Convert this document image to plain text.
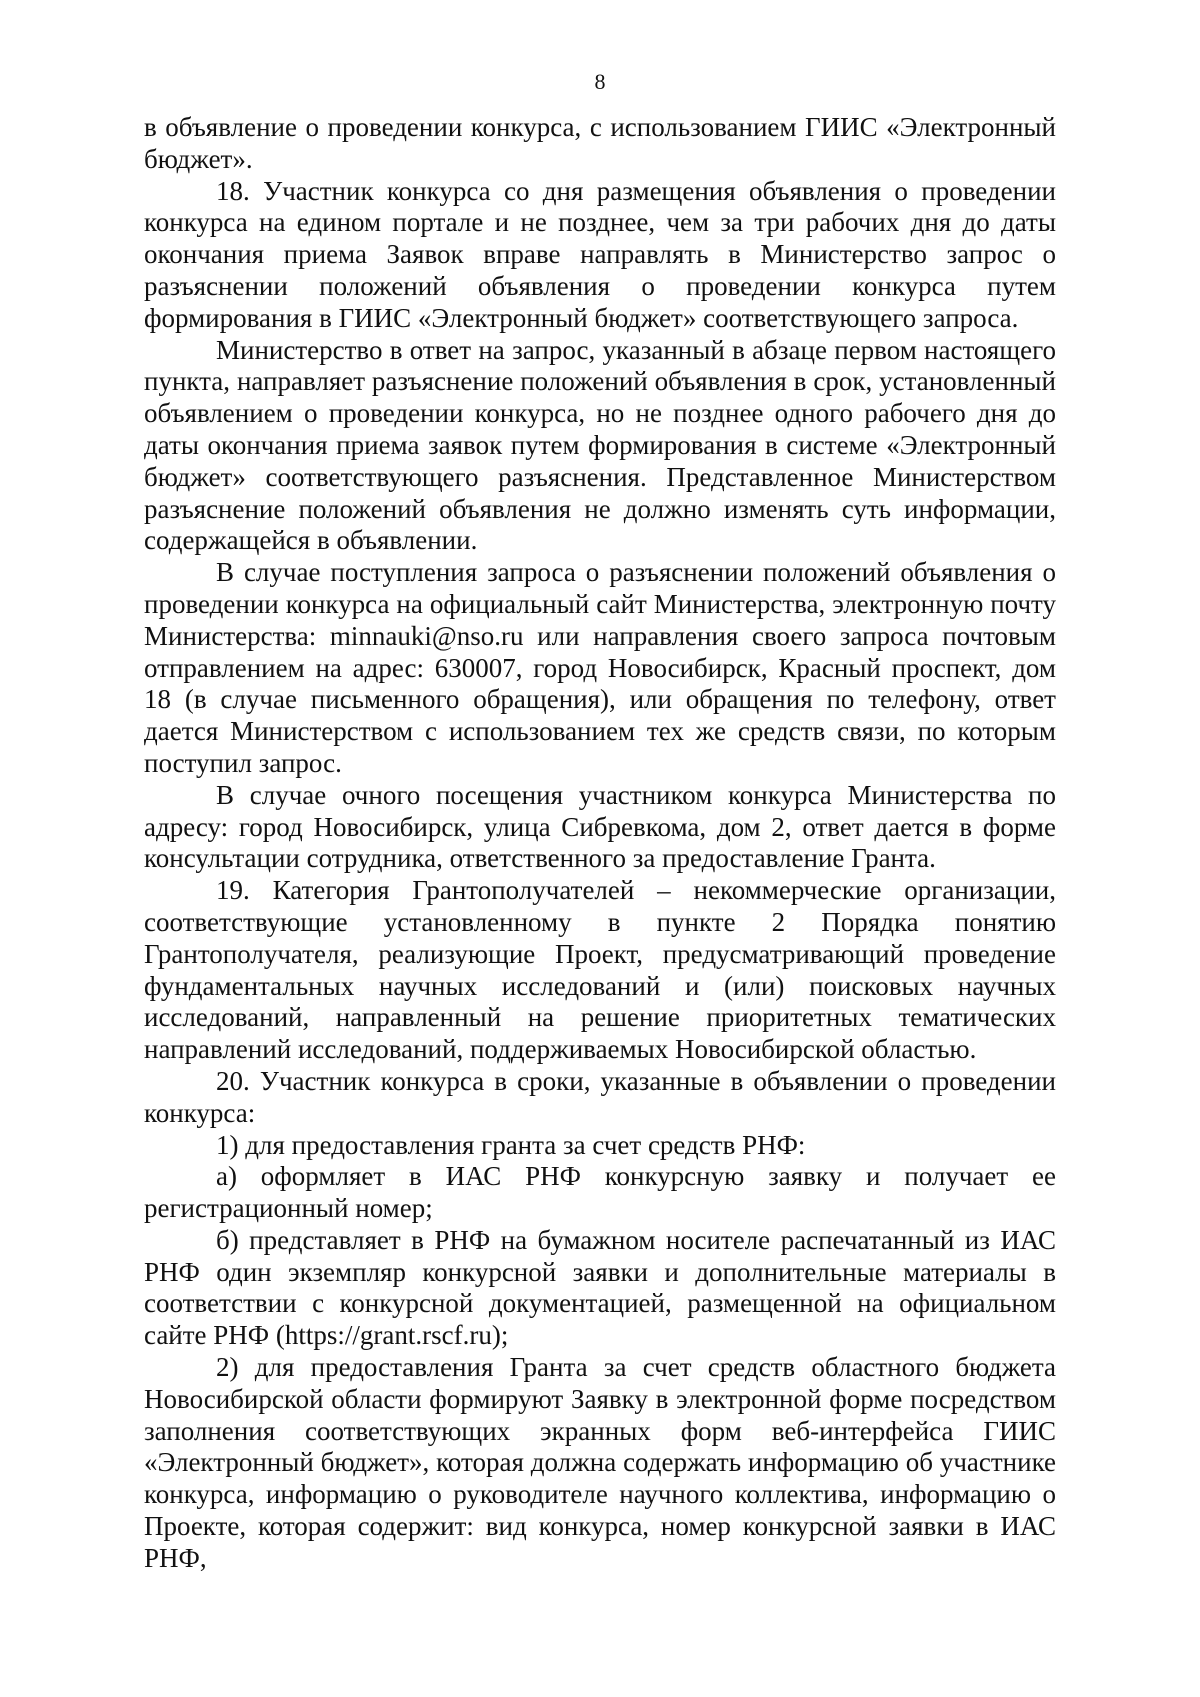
8

в объявление о проведении конкурса, с использованием ГИИС «Электронный бюджет».

18. Участник конкурса со дня размещения объявления о проведении конкурса на едином портале и не позднее, чем за три рабочих дня до даты окончания приема Заявок вправе направлять в Министерство запрос о разъяснении положений объявления о проведении конкурса путем формирования в ГИИС «Электронный бюджет» соответствующего запроса.

Министерство в ответ на запрос, указанный в абзаце первом настоящего пункта, направляет разъяснение положений объявления в срок, установленный объявлением о проведении конкурса, но не позднее одного рабочего дня до даты окончания приема заявок путем формирования в системе «Электронный бюджет» соответствующего разъяснения. Представленное Министерством разъяснение положений объявления не должно изменять суть информации, содержащейся в объявлении.

В случае поступления запроса о разъяснении положений объявления о проведении конкурса на официальный сайт Министерства, электронную почту Министерства: minnauki@nso.ru или направления своего запроса почтовым отправлением на адрес: 630007, город Новосибирск, Красный проспект, дом 18 (в случае письменного обращения), или обращения по телефону, ответ дается Министерством с использованием тех же средств связи, по которым поступил запрос.

В случае очного посещения участником конкурса Министерства по адресу: город Новосибирск, улица Сибревкома, дом 2, ответ дается в форме консультации сотрудника, ответственного за предоставление Гранта.

19. Категория Грантополучателей – некоммерческие организации, соответствующие установленному в пункте 2 Порядка понятию Грантополучателя, реализующие Проект, предусматривающий проведение фундаментальных научных исследований и (или) поисковых научных исследований, направленный на решение приоритетных тематических направлений исследований, поддерживаемых Новосибирской областью.

20. Участник конкурса в сроки, указанные в объявлении о проведении конкурса:

1) для предоставления гранта за счет средств РНФ:

а) оформляет в ИАС РНФ конкурсную заявку и получает ее регистрационный номер;

б) представляет в РНФ на бумажном носителе распечатанный из ИАС РНФ один экземпляр конкурсной заявки и дополнительные материалы в соответствии с конкурсной документацией, размещенной на официальном сайте РНФ (https://grant.rscf.ru);

2) для предоставления Гранта за счет средств областного бюджета Новосибирской области формируют Заявку в электронной форме посредством заполнения соответствующих экранных форм веб-интерфейса ГИИС «Электронный бюджет», которая должна содержать информацию об участнике конкурса, информацию о руководителе научного коллектива, информацию о Проекте, которая содержит: вид конкурса, номер конкурсной заявки в ИАС РНФ,
